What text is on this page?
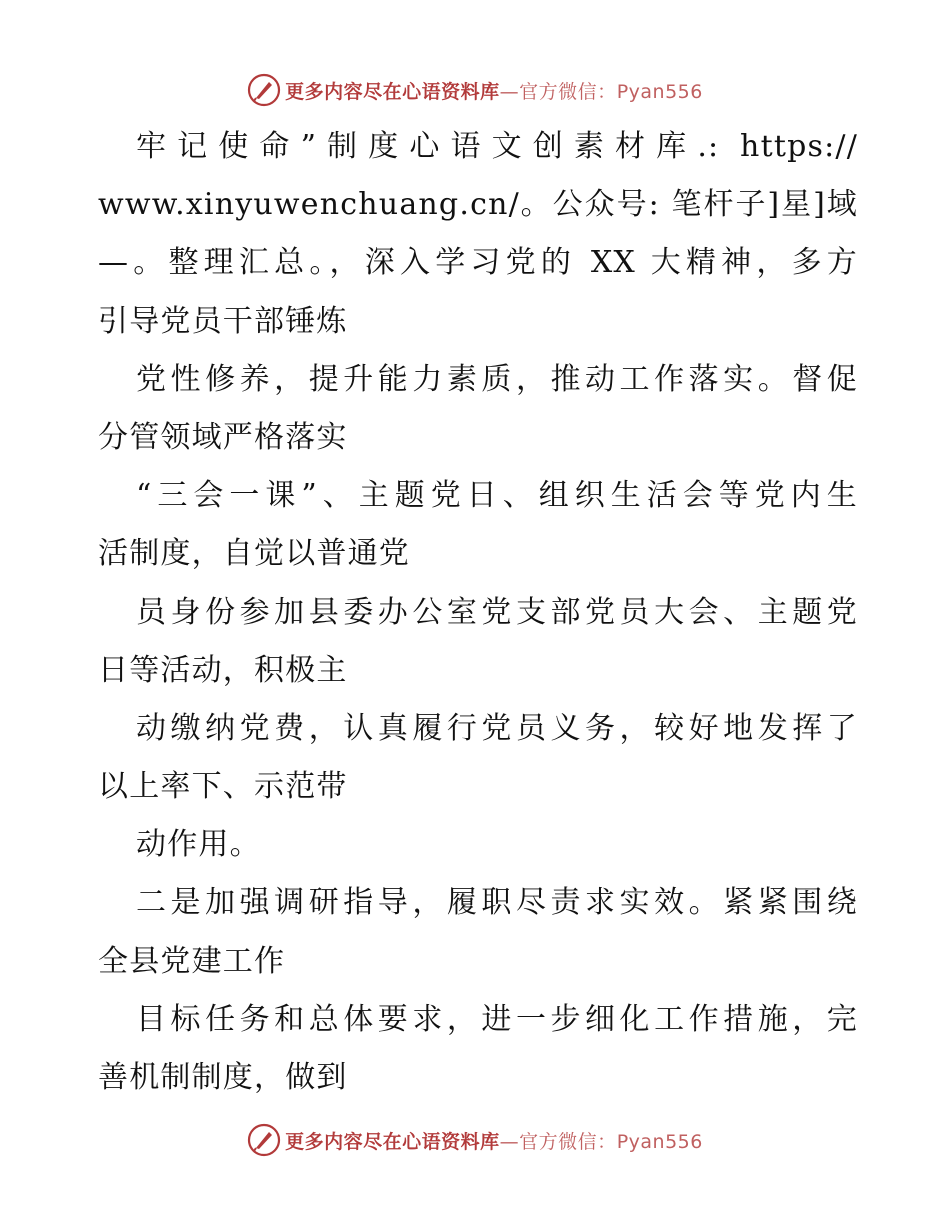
更多内容尽在心语资料库—官方微信：Pyan556
牢记使命”制度心语文创素材库.: https://
www.xinyuwenchuang.cn/。公众号: 笔杆子]星]域
—。整理汇总。，深入学习党的 XX 大精神，多方
引导党员干部锤炼
党性修养，提升能力素质，推动工作落实。督促
分管领域严格落实
“三会一课”、主题党日、组织生活会等党内生
活制度，自觉以普通党
员身份参加县委办公室党支部党员大会、主题党
日等活动，积极主
动缴纳党费，认真履行党员义务，较好地发挥了
以上率下、示范带
动作用。
二是加强调研指导，履职尽责求实效。紧紧围绕
全县党建工作
目标任务和总体要求，进一步细化工作措施，完
善机制制度，做到
更多内容尽在心语资料库—官方微信：Pyan556
